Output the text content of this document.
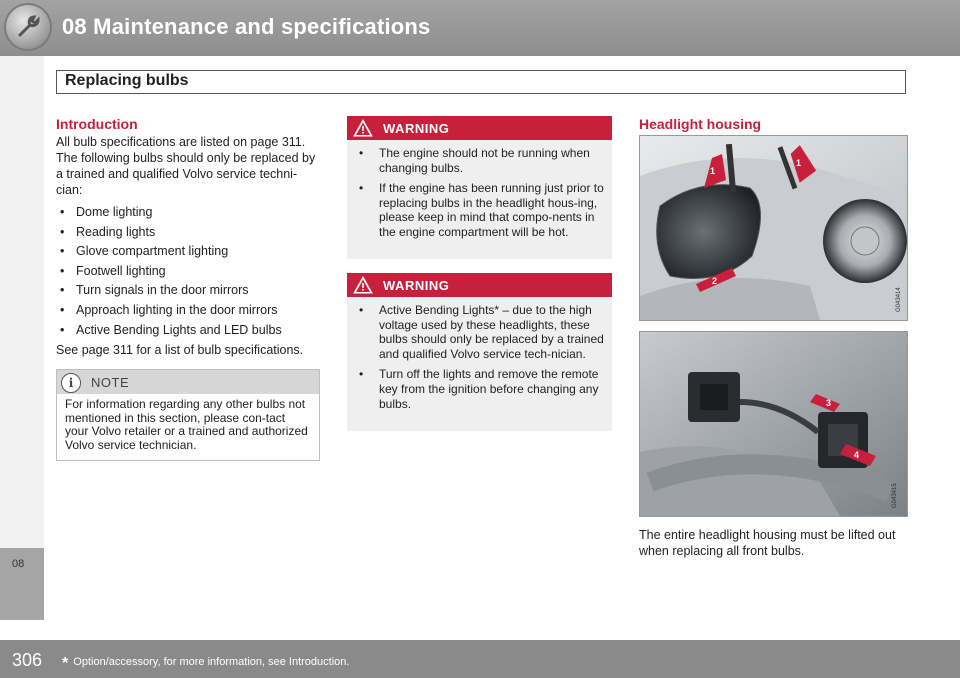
08 Maintenance and specifications
Replacing bulbs
08
Introduction

All bulb specifications are listed on page 311. The following bulbs should only be replaced by a trained and qualified Volvo service techni-cian:

• Dome lighting
• Reading lights
• Glove compartment lighting
• Footwell lighting
• Turn signals in the door mirrors
• Approach lighting in the door mirrors
• Active Bending Lights and LED bulbs

See page 311 for a list of bulb specifications.

i	NOTE
For information regarding any other bulbs not mentioned in this section, please con-tact your Volvo retailer or a trained and authorized Volvo service technician.
WARNING
• The engine should not be running when changing bulbs.
• If the engine has been running just prior to replacing bulbs in the headlight hous-ing, please keep in mind that compo-nents in the engine compartment will be hot.
WARNING
• Active Bending Lights* – due to the high voltage used by these headlights, these bulbs should only be replaced by a trained and qualified Volvo service tech-nician.
• Turn off the lights and remove the remote key from the ignition before changing any bulbs.
Headlight housing
1
1
2
G043414
3
4
G043415
The entire headlight housing must be lifted out when replacing all front bulbs.
306 * Option/accessory, for more information, see Introduction.
